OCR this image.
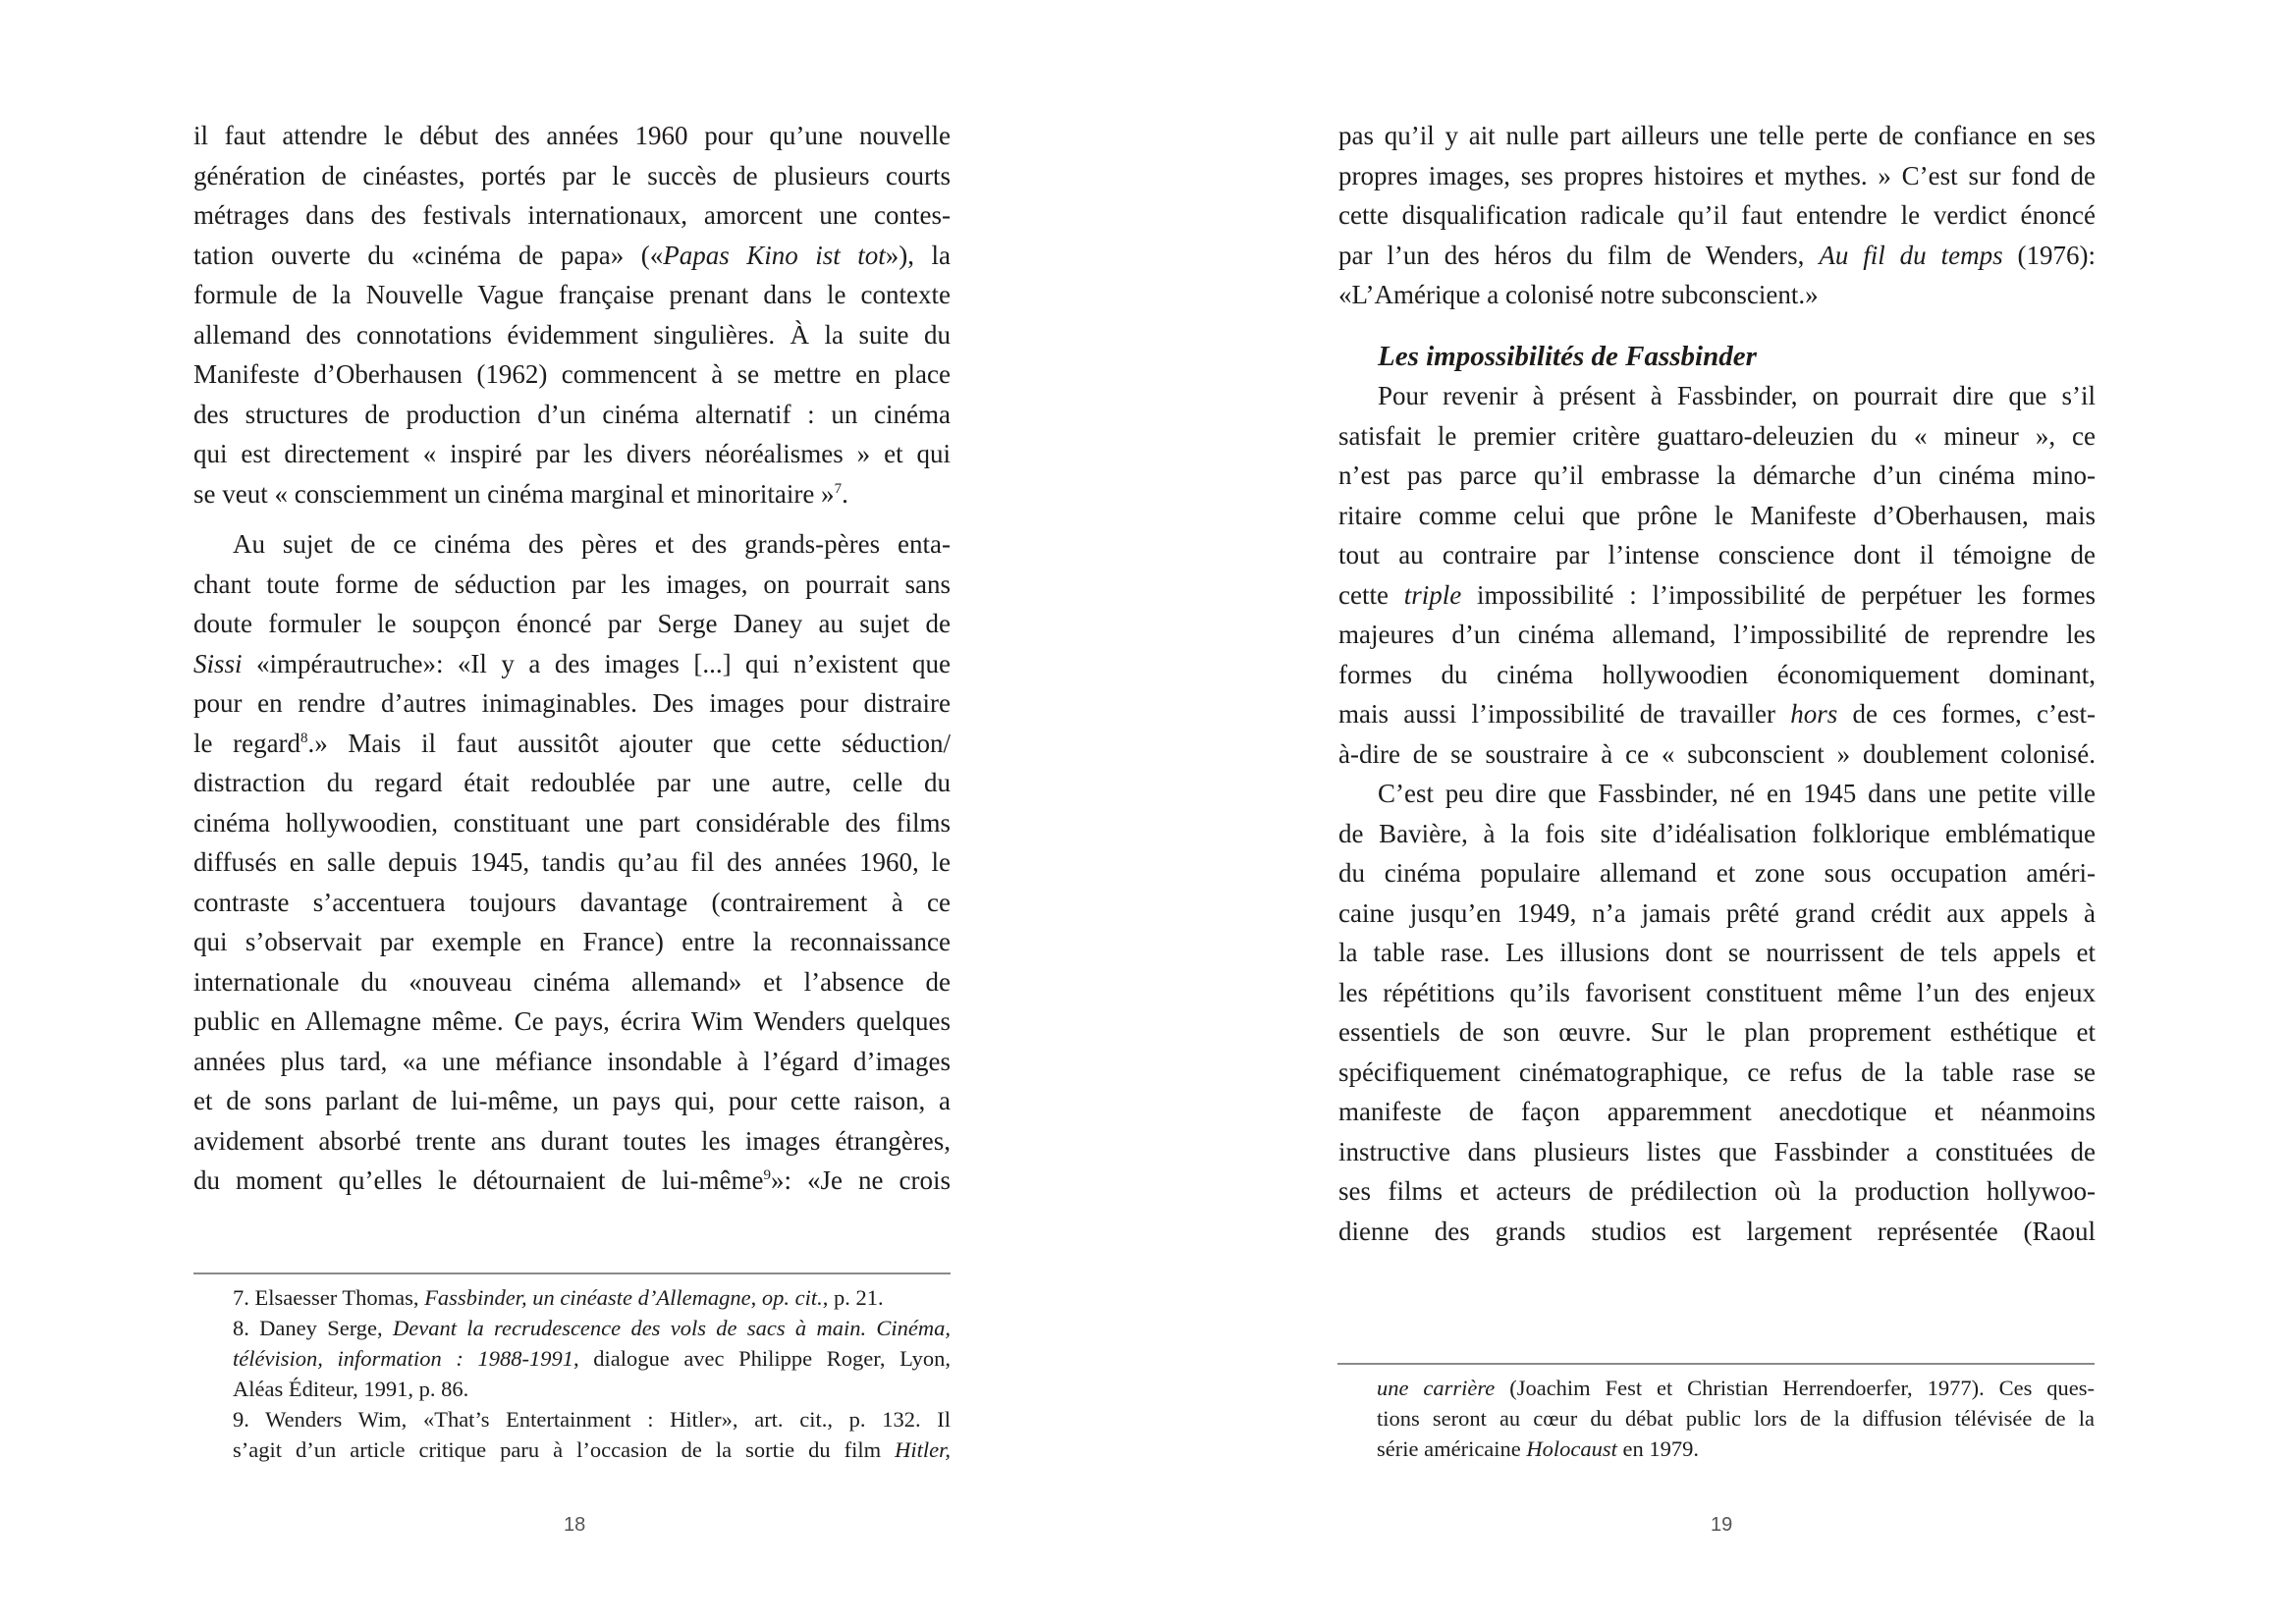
il faut attendre le début des années 1960 pour qu’une nouvelle
génération de cinéastes, portés par le succès de plusieurs courts
métrages dans des festivals internationaux, amorcent une contes-
tation ouverte du «cinéma de papa» («Papas Kino ist tot»), la
formule de la Nouvelle Vague française prenant dans le contexte
allemand des connotations évidemment singulières. À la suite du
Manifeste d’Oberhausen (1962) commencent à se mettre en place
des structures de production d’un cinéma alternatif : un cinéma
qui est directement « inspiré par les divers néoréalismes » et qui
se veut « consciemment un cinéma marginal et minoritaire »$^7$.
Au sujet de ce cinéma des pères et des grands-pères enta-
chant toute forme de séduction par les images, on pourrait sans
doute formuler le soupçon énoncé par Serge Daney au sujet de
Sissi «impérautruche»: «Il y a des images [...] qui n’existent que
pour en rendre d’autres inimaginables. Des images pour distraire
le regard$^8$.» Mais il faut aussitôt ajouter que cette séduction/
distraction du regard était redoublée par une autre, celle du
cinéma hollywoodien, constituant une part considérable des films
diffusés en salle depuis 1945, tandis qu’au fil des années 1960, le
contraste s’accentuera toujours davantage (contrairement à ce
qui s’observait par exemple en France) entre la reconnaissance
internationale du «nouveau cinéma allemand» et l’absence de
public en Allemagne même. Ce pays, écrira Wim Wenders quelques
années plus tard, «a une méfiance insondable à l’égard d’images
et de sons parlant de lui-même, un pays qui, pour cette raison, a
avidement absorbé trente ans durant toutes les images étrangères,
du moment qu’elles le détournaient de lui-même$^9$»: «Je ne crois
7. Elsaesser Thomas, Fassbinder, un cinéaste d’Allemagne, op. cit., p. 21.
8. Daney Serge, Devant la recrudescence des vols de sacs à main. Cinéma,
télévision, information : 1988-1991, dialogue avec Philippe Roger, Lyon,
Aléas Éditeur, 1991, p. 86.
9. Wenders Wim, «That’s Entertainment : Hitler», art. cit., p. 132. Il
s’agit d’un article critique paru à l’occasion de la sortie du film Hitler,
18
pas qu’il y ait nulle part ailleurs une telle perte de confiance en ses
propres images, ses propres histoires et mythes. » C’est sur fond de
cette disqualification radicale qu’il faut entendre le verdict énoncé
par l’un des héros du film de Wenders, Au fil du temps (1976):
«L’Amérique a colonisé notre subconscient.»
Les impossibilités de Fassbinder
Pour revenir à présent à Fassbinder, on pourrait dire que s’il
satisfait le premier critère guattaro-deleuzien du « mineur », ce
n’est pas parce qu’il embrasse la démarche d’un cinéma mino-
ritaire comme celui que prône le Manifeste d’Oberhausen, mais
tout au contraire par l’intense conscience dont il témoigne de
cette triple impossibilité : l’impossibilité de perpétuer les formes
majeures d’un cinéma allemand, l’impossibilité de reprendre les
formes du cinéma hollywoodien économiquement dominant,
mais aussi l’impossibilité de travailler hors de ces formes, c’est-
à-dire de se soustraire à ce « subconscient » doublement colonisé.
C’est peu dire que Fassbinder, né en 1945 dans une petite ville
de Bavière, à la fois site d’idéalisation folklorique emblématique
du cinéma populaire allemand et zone sous occupation améri-
caine jusqu’en 1949, n’a jamais prêté grand crédit aux appels à
la table rase. Les illusions dont se nourrissent de tels appels et
les répétitions qu’ils favorisent constituent même l’un des enjeux
essentiels de son œuvre. Sur le plan proprement esthétique et
spécifiquement cinématographique, ce refus de la table rase se
manifeste de façon apparemment anecdotique et néanmoins
instructive dans plusieurs listes que Fassbinder a constituées de
ses films et acteurs de prédilection où la production hollywoo-
dienne des grands studios est largement représentée (Raoul
une carrière (Joachim Fest et Christian Herrendoerfer, 1977). Ces ques-
tions seront au cœur du débat public lors de la diffusion télévisée de la
série américaine Holocaust en 1979.
19
